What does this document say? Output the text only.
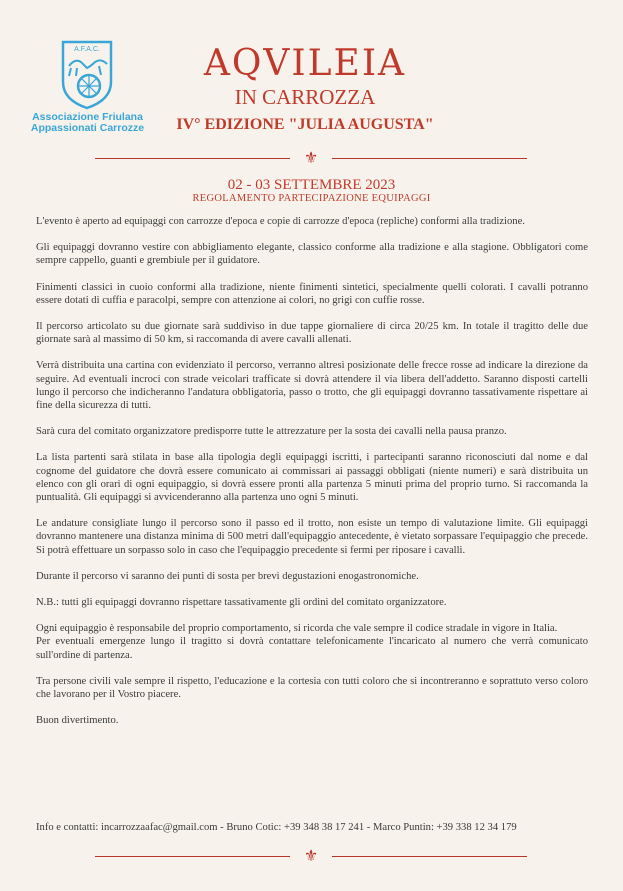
A.F.A.C.
Associazione Friulana
Appassionati Carrozze
AQVILEIA
IN CARROZZA
IV° EDIZIONE "JULIA AUGUSTA"
⚜
02 - 03 SETTEMBRE 2023
REGOLAMENTO PARTECIPAZIONE EQUIPAGGI

L'evento è aperto ad equipaggi con carrozze d'epoca e copie di carrozze d'epoca (repliche) conformi alla tradizione.

Gli equipaggi dovranno vestire con abbigliamento elegante, classico conforme alla tradizione e alla stagione. Obbligatori come sempre cappello, guanti e grembiule per il guidatore.

Finimenti classici in cuoio conformi alla tradizione, niente finimenti sintetici, specialmente quelli colorati. I cavalli potranno essere dotati di cuffia e paracolpi, sempre con attenzione ai colori, no grigi con cuffie rosse.

Il percorso articolato su due giornate sarà suddiviso in due tappe giornaliere di circa 20/25 km. In totale il tragitto delle due giornate sarà al massimo di 50 km, si raccomanda di avere cavalli allenati.

Verrà distribuita una cartina con evidenziato il percorso, verranno altresì posizionate delle frecce rosse ad indicare la direzione da seguire. Ad eventuali incroci con strade veicolari trafficate si dovrà attendere il via libera dell'addetto. Saranno disposti cartelli lungo il percorso che indicheranno l'andatura obbligatoria, passo o trotto, che gli equipaggi dovranno tassativamente rispettare ai fine della sicurezza di tutti.

Sarà cura del comitato organizzatore predisporre tutte le attrezzature per la sosta dei cavalli nella pausa pranzo.

La lista partenti sarà stilata in base alla tipologia degli equipaggi iscritti, i partecipanti saranno riconosciuti dal nome e dal cognome del guidatore che dovrà essere comunicato ai commissari ai passaggi obbligati (niente numeri) e sarà distribuita un elenco con gli orari di ogni equipaggio, si dovrà essere pronti alla partenza 5 minuti prima del proprio turno. Si raccomanda la puntualità. Gli equipaggi si avvicenderanno alla partenza uno ogni 5 minuti.

Le andature consigliate lungo il percorso sono il passo ed il trotto, non esiste un tempo di valutazione limite. Gli equipaggi dovranno mantenere una distanza minima di 500 metri dall'equipaggio antecedente, è vietato sorpassare l'equipaggio che precede. Si potrà effettuare un sorpasso solo in caso che l'equipaggio precedente si fermi per riposare i cavalli.

Durante il percorso vi saranno dei punti di sosta per brevi degustazioni enogastronomiche.

N.B.: tutti gli equipaggi dovranno rispettare tassativamente gli ordini del comitato organizzatore.

Ogni equipaggio è responsabile del proprio comportamento, si ricorda che vale sempre il codice stradale in vigore in Italia.
Per eventuali emergenze lungo il tragitto si dovrà contattare telefonicamente l'incaricato al numero che verrà comunicato sull'ordine di partenza.

Tra persone civili vale sempre il rispetto, l'educazione e la cortesia con tutti coloro che si incontreranno e soprattuto verso coloro che lavorano per il Vostro piacere.

Buon divertimento.

Info e contatti: incarrozzaafac@gmail.com - Bruno Cotic: +39 348 38 17 241 - Marco Puntin: +39 338 12 34 179
⚜
